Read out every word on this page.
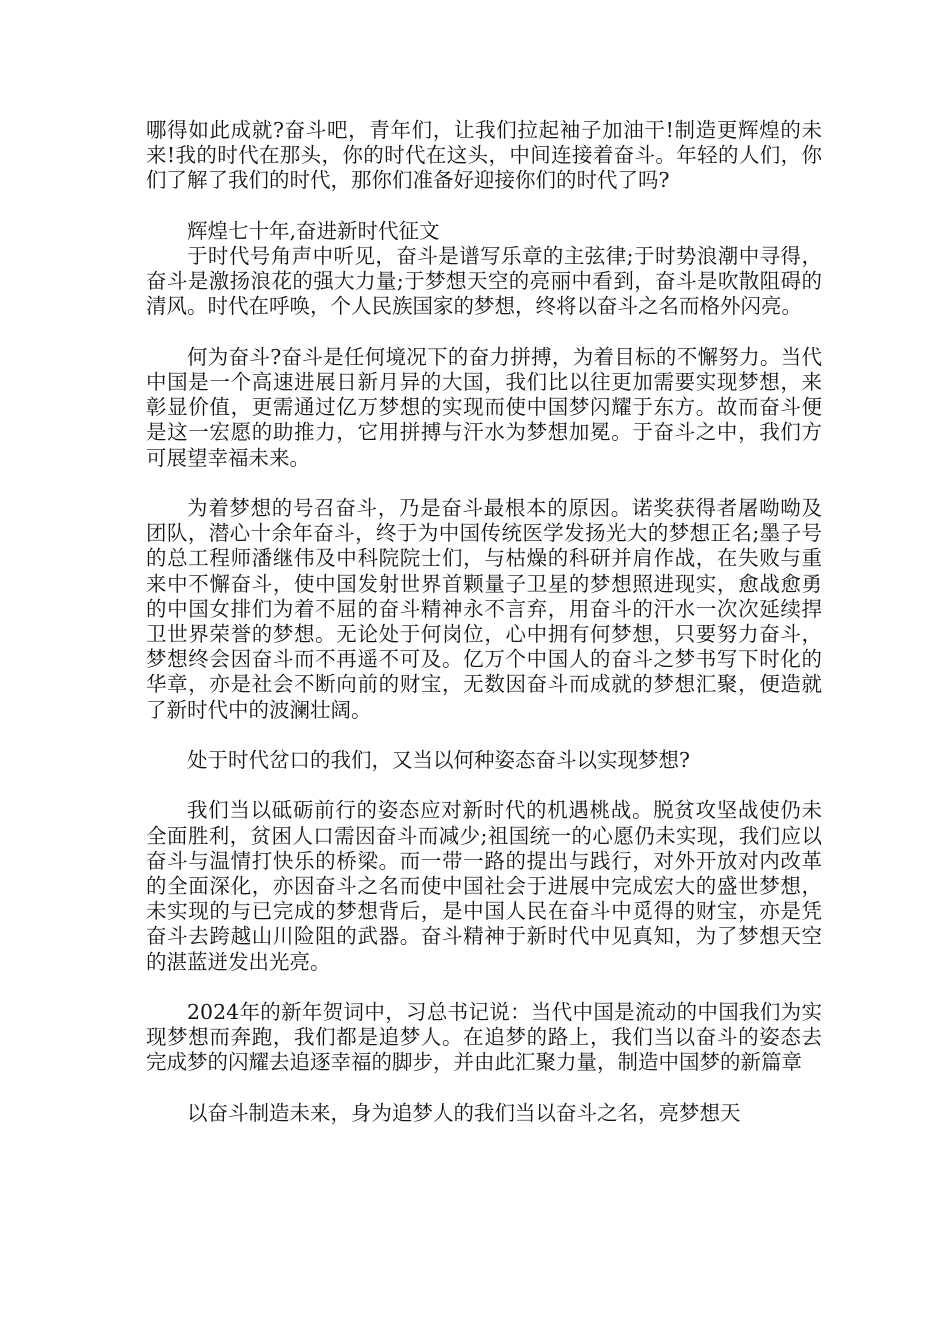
哪得如此成就?奋斗吧，青年们，让我们拉起袖子加油干!制造更辉煌的未来!我的时代在那头，你的时代在这头，中间连接着奋斗。年轻的人们，你们了解了我们的时代，那你们准备好迎接你们的时代了吗?

辉煌七十年,奋进新时代征文

于时代号角声中听见，奋斗是谱写乐章的主弦律;于时势浪潮中寻得，奋斗是激扬浪花的强大力量;于梦想天空的亮丽中看到，奋斗是吹散阻碍的清风。时代在呼唤，个人民族国家的梦想，终将以奋斗之名而格外闪亮。

何为奋斗?奋斗是任何境况下的奋力拼搏，为着目标的不懈努力。当代中国是一个高速进展日新月异的大国，我们比以往更加需要实现梦想，来彰显价值，更需通过亿万梦想的实现而使中国梦闪耀于东方。故而奋斗便是这一宏愿的助推力，它用拼搏与汗水为梦想加冕。于奋斗之中，我们方可展望幸福未来。

为着梦想的号召奋斗，乃是奋斗最根本的原因。诺奖获得者屠呦呦及团队，潜心十余年奋斗，终于为中国传统医学发扬光大的梦想正名;墨子号的总工程师潘继伟及中科院院士们，与枯燥的科研并肩作战，在失败与重来中不懈奋斗，使中国发射世界首颗量子卫星的梦想照进现实，愈战愈勇的中国女排们为着不屈的奋斗精神永不言弃，用奋斗的汗水一次次延续捍卫世界荣誉的梦想。无论处于何岗位，心中拥有何梦想，只要努力奋斗，梦想终会因奋斗而不再遥不可及。亿万个中国人的奋斗之梦书写下时化的华章，亦是社会不断向前的财宝，无数因奋斗而成就的梦想汇聚，便造就了新时代中的波澜壮阔。

处于时代岔口的我们，又当以何种姿态奋斗以实现梦想?

我们当以砥砺前行的姿态应对新时代的机遇桃战。脱贫攻坚战使仍未全面胜利，贫困人口需因奋斗而减少;祖国统一的心愿仍未实现，我们应以奋斗与温情打快乐的桥梁。而一带一路的提出与践行，对外开放对内改革的全面深化，亦因奋斗之名而使中国社会于进展中完成宏大的盛世梦想，未实现的与已完成的梦想背后，是中国人民在奋斗中觅得的财宝，亦是凭奋斗去跨越山川险阻的武器。奋斗精神于新时代中见真知，为了梦想天空的湛蓝迸发出光亮。

2024年的新年贺词中，习总书记说：当代中国是流动的中国我们为实现梦想而奔跑，我们都是追梦人。在追梦的路上，我们当以奋斗的姿态去完成梦的闪耀去追逐幸福的脚步，并由此汇聚力量，制造中国梦的新篇章

以奋斗制造未来，身为追梦人的我们当以奋斗之名，亮梦想天
